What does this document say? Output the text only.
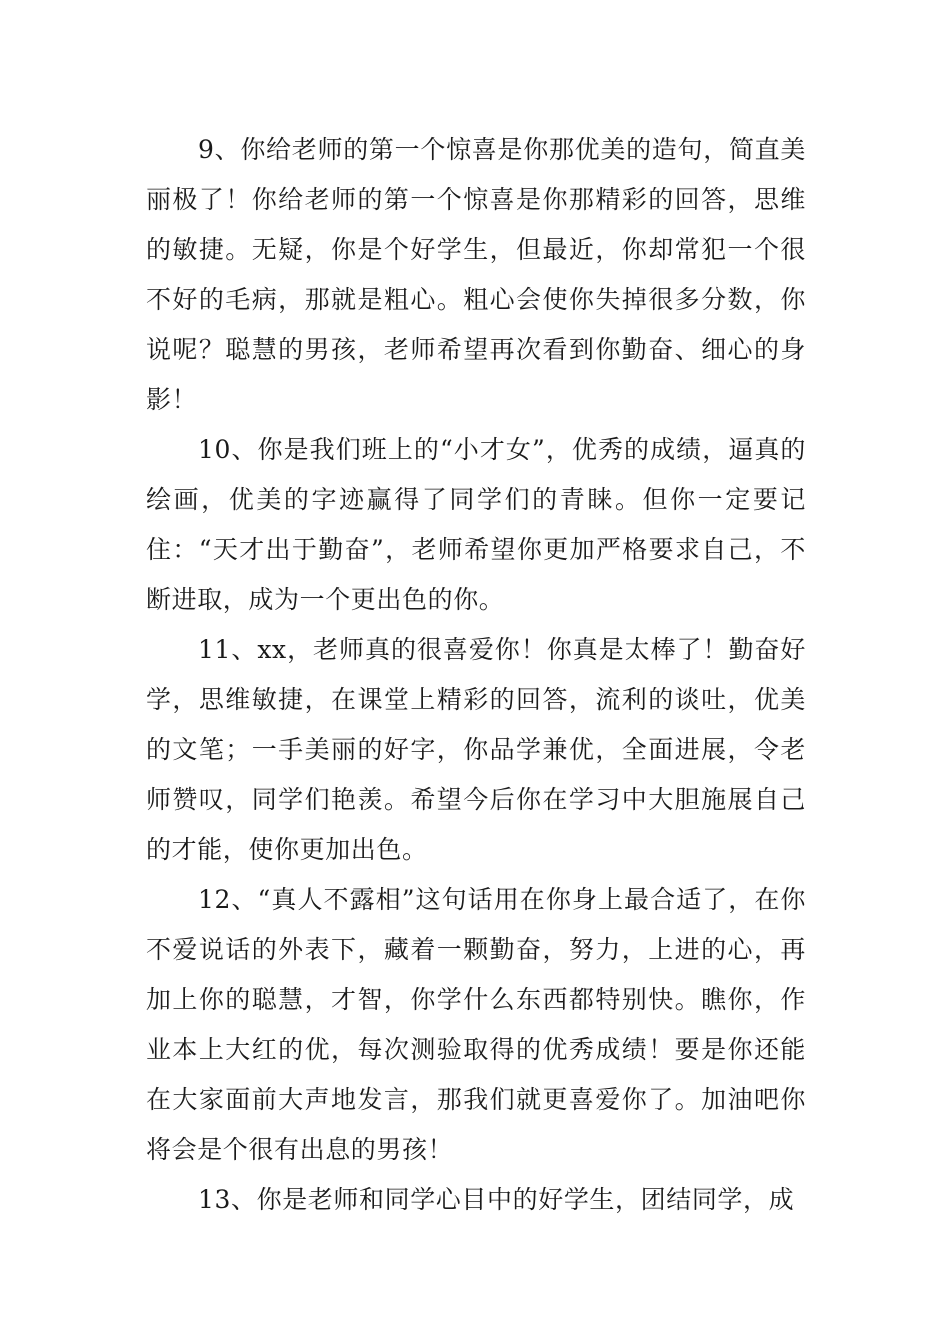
9、你给老师的第一个惊喜是你那优美的造句，简直美丽极了！你给老师的第一个惊喜是你那精彩的回答，思维的敏捷。无疑，你是个好学生，但最近，你却常犯一个很不好的毛病，那就是粗心。粗心会使你失掉很多分数，你说呢？聪慧的男孩，老师希望再次看到你勤奋、细心的身影！

10、你是我们班上的“小才女”，优秀的成绩，逼真的绘画，优美的字迹赢得了同学们的青睐。但你一定要记住：“天才出于勤奋”，老师希望你更加严格要求自己，不断进取，成为一个更出色的你。

11、xx，老师真的很喜爱你！你真是太棒了！勤奋好学，思维敏捷，在课堂上精彩的回答，流利的谈吐，优美的文笔；一手美丽的好字，你品学兼优，全面进展，令老师赞叹，同学们艳羡。希望今后你在学习中大胆施展自己的才能，使你更加出色。

12、“真人不露相”这句话用在你身上最合适了，在你不爱说话的外表下，藏着一颗勤奋，努力，上进的心，再加上你的聪慧，才智，你学什么东西都特别快。瞧你，作业本上大红的优，每次测验取得的优秀成绩！要是你还能在大家面前大声地发言，那我们就更喜爱你了。加油吧你将会是个很有出息的男孩！

13、你是老师和同学心目中的好学生，团结同学，成
